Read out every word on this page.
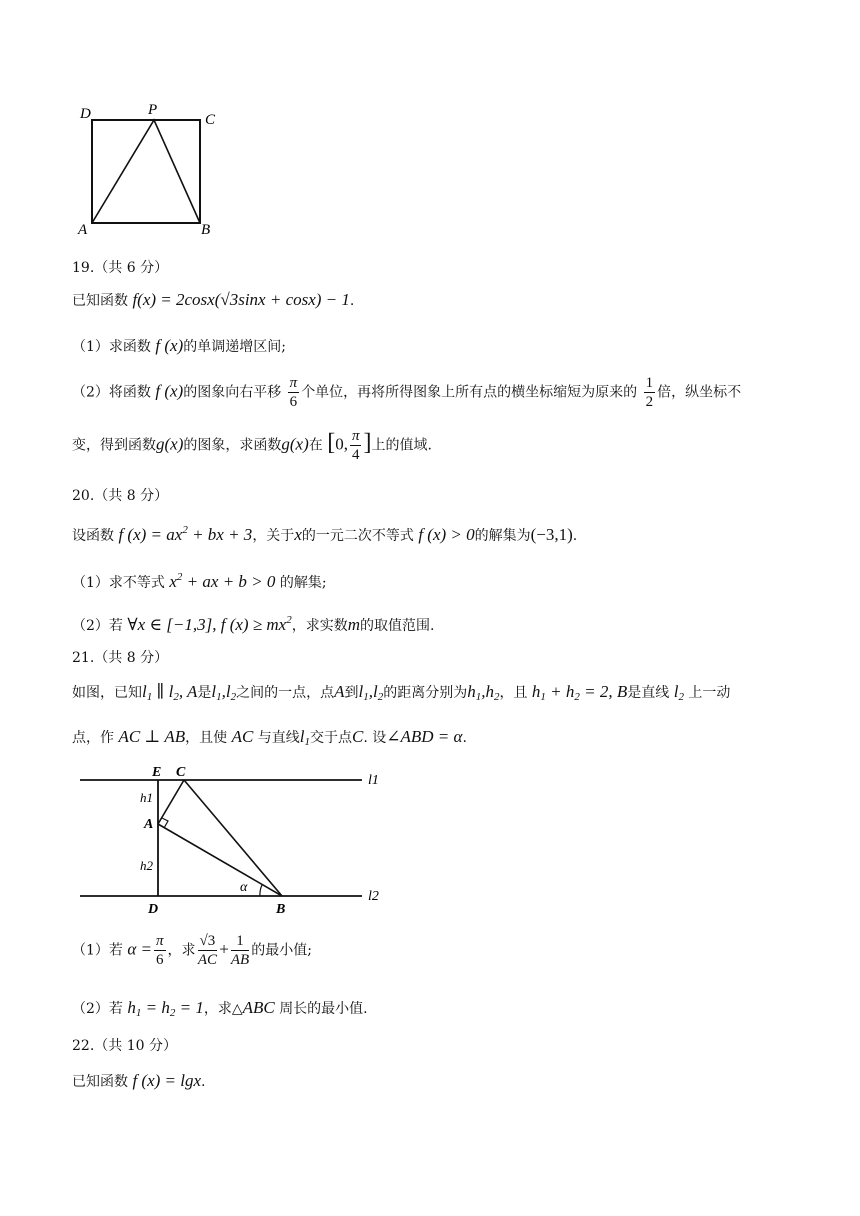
D	P
C
A	B
19.（共 6 分）
已知函数 f(x) = 2cosx(√3sinx + cosx) − 1.
（1）求函数 f (x)的单调递增区间;
（2）将函数 f (x)的图象向右平移 $\frac{\pi}{6}$ 个单位，再将所得图象上所有点的横坐标缩短为原来的 $\frac{1}{2}$ 倍，纵坐标不
变，得到函数g(x)的图象，求函数g(x)在 [0, $\frac{\pi}{4}$ ]上的值域.
20.（共 8 分）
设函数 f $(x) = ax^2$ + bx + 3，关于x的一元二次不等式 f (x) > 0的解集为(−3,1).
（1）求不等式 $x^2$ + ax + b > 0 的解集;
（2）若 ∀x ∈ [−1,3], f $(x) \ge mx^2$，求实数m的取值范围.
21.（共 8 分）
如图，已知$l_1$ ∥ $l_2$, A是$l_1,l_2$之间的一点，点A到$l_1,l_2$的距离分别为$h_1,h_2$，且 $h_1 + h_2 = 2$, B是直线 $l_2$ 上一动
点，作 AC ⊥ AB，且使 AC 与直线$l_1$交于点C. 设∠ABD = α.
E C
l1
h1
A
h2
α
D	B
l2
（1）若 $\alpha = \frac{\pi}{6}$ ，求 $\frac{√3}{AC} + \frac{1}{AB}$ 的最小值;
（2）若 $h_1 = h_2 = 1$，求△ABC 周长的最小值.
22.（共 10 分）
已知函数 f (x) = lgx.
